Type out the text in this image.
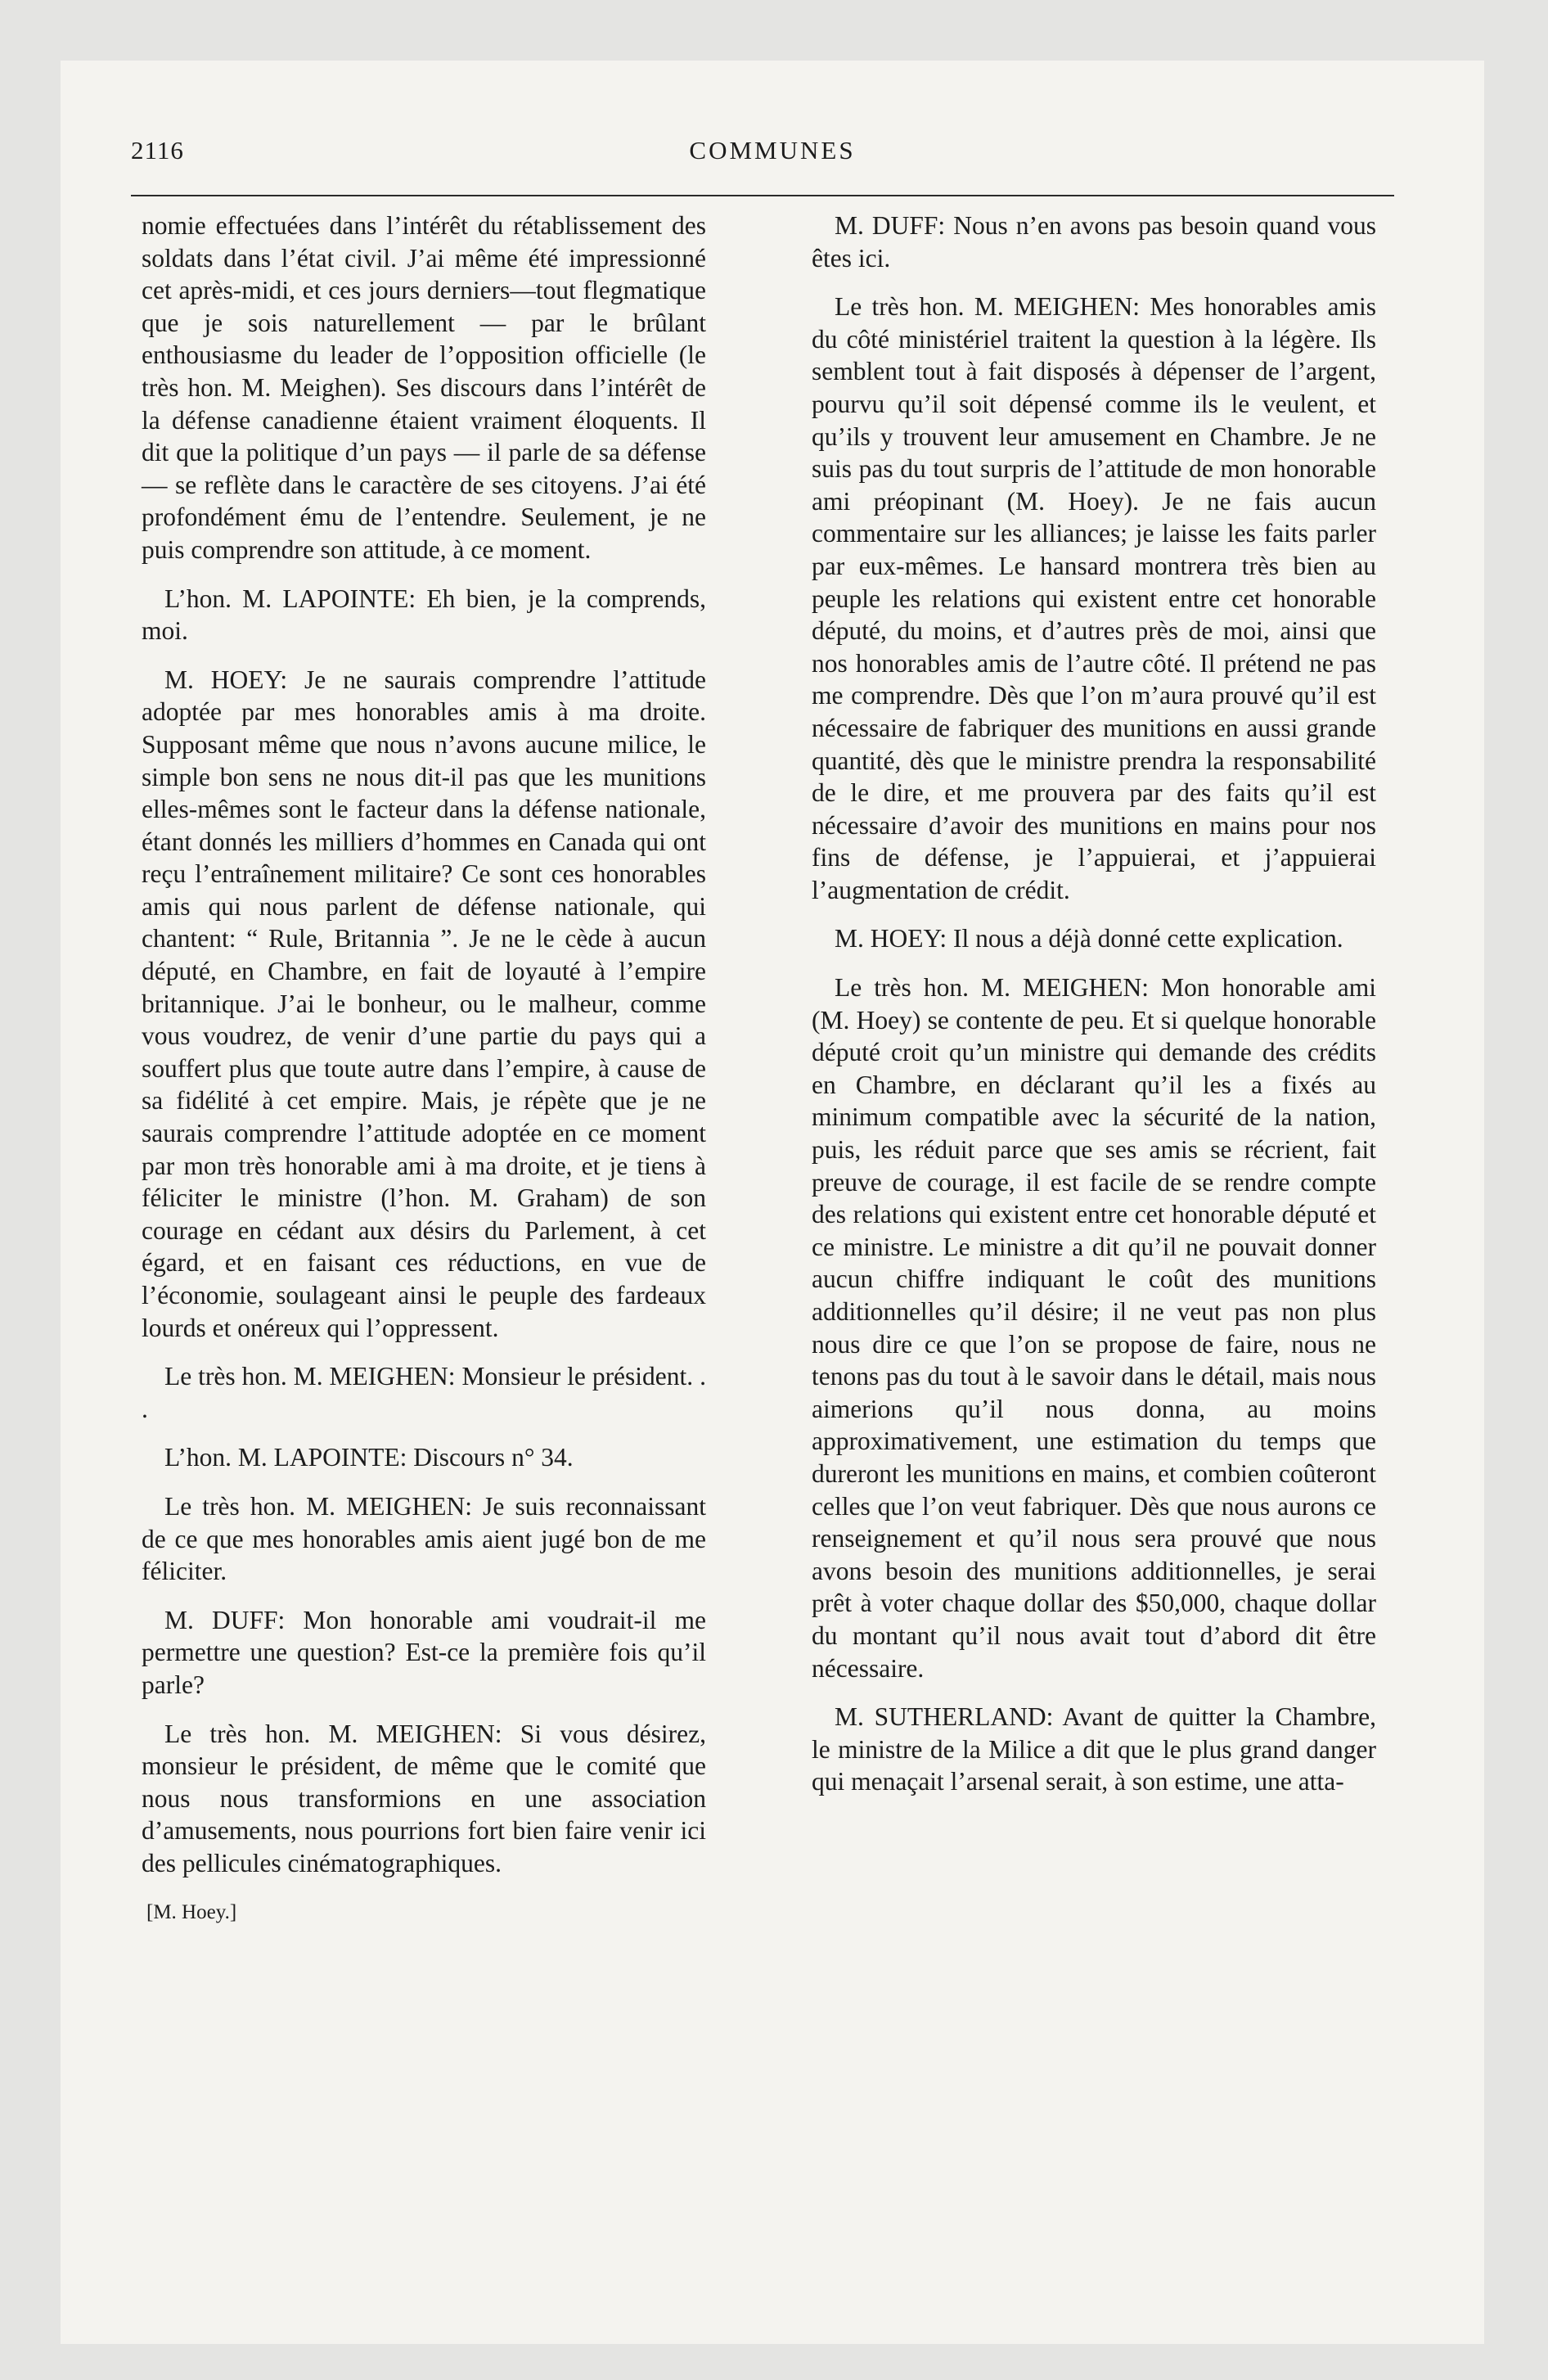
2116	COMMUNES

nomie effectuées dans l’intérêt du rétablissement des soldats dans l’état civil. J’ai même été impressionné cet après-midi, et ces jours derniers—tout flegmatique que je sois naturellement — par le brûlant enthousiasme du leader de l’opposition officielle (le très hon. M. Meighen). Ses discours dans l’intérêt de la défense canadienne étaient vraiment éloquents. Il dit que la politique d’un pays — il parle de sa défense — se reflète dans le caractère de ses citoyens. J’ai été profondément ému de l’entendre. Seulement, je ne puis comprendre son attitude, à ce moment.

L’hon. M. LAPOINTE: Eh bien, je la comprends, moi.

M. HOEY: Je ne saurais comprendre l’attitude adoptée par mes honorables amis à ma droite. Supposant même que nous n’avons aucune milice, le simple bon sens ne nous dit-il pas que les munitions elles-mêmes sont le facteur dans la défense nationale, étant donnés les milliers d’hommes en Canada qui ont reçu l’entraînement militaire? Ce sont ces honorables amis qui nous parlent de défense nationale, qui chantent: “ Rule, Britannia ”. Je ne le cède à aucun député, en Chambre, en fait de loyauté à l’empire britannique. J’ai le bonheur, ou le malheur, comme vous voudrez, de venir d’une partie du pays qui a souffert plus que toute autre dans l’empire, à cause de sa fidélité à cet empire. Mais, je répète que je ne saurais comprendre l’attitude adoptée en ce moment par mon très honorable ami à ma droite, et je tiens à féliciter le ministre (l’hon. M. Graham) de son courage en cédant aux désirs du Parlement, à cet égard, et en faisant ces réductions, en vue de l’économie, soulageant ainsi le peuple des fardeaux lourds et onéreux qui l’oppressent.

Le très hon. M. MEIGHEN: Monsieur le président. . .

L’hon. M. LAPOINTE: Discours n° 34.

Le très hon. M. MEIGHEN: Je suis reconnaissant de ce que mes honorables amis aient jugé bon de me féliciter.

M. DUFF: Mon honorable ami voudrait-il me permettre une question? Est-ce la première fois qu’il parle?

Le très hon. M. MEIGHEN: Si vous désirez, monsieur le président, de même que le comité que nous nous transformions en une association d’amusements, nous pourrions fort bien faire venir ici des pellicules cinématographiques.

[M. Hoey.]

M. DUFF: Nous n’en avons pas besoin quand vous êtes ici.

Le très hon. M. MEIGHEN: Mes honorables amis du côté ministériel traitent la question à la légère. Ils semblent tout à fait disposés à dépenser de l’argent, pourvu qu’il soit dépensé comme ils le veulent, et qu’ils y trouvent leur amusement en Chambre. Je ne suis pas du tout surpris de l’attitude de mon honorable ami préopinant (M. Hoey). Je ne fais aucun commentaire sur les alliances; je laisse les faits parler par eux-mêmes. Le hansard montrera très bien au peuple les relations qui existent entre cet honorable député, du moins, et d’autres près de moi, ainsi que nos honorables amis de l’autre côté. Il prétend ne pas me comprendre. Dès que l’on m’aura prouvé qu’il est nécessaire de fabriquer des munitions en aussi grande quantité, dès que le ministre prendra la responsabilité de le dire, et me prouvera par des faits qu’il est nécessaire d’avoir des munitions en mains pour nos fins de défense, je l’appuierai, et j’appuierai l’augmentation de crédit.

M. HOEY: Il nous a déjà donné cette explication.

Le très hon. M. MEIGHEN: Mon honorable ami (M. Hoey) se contente de peu. Et si quelque honorable député croit qu’un ministre qui demande des crédits en Chambre, en déclarant qu’il les a fixés au minimum compatible avec la sécurité de la nation, puis, les réduit parce que ses amis se récrient, fait preuve de courage, il est facile de se rendre compte des relations qui existent entre cet honorable député et ce ministre. Le ministre a dit qu’il ne pouvait donner aucun chiffre indiquant le coût des munitions additionnelles qu’il désire; il ne veut pas non plus nous dire ce que l’on se propose de faire, nous ne tenons pas du tout à le savoir dans le détail, mais nous aimerions qu’il nous donna, au moins approximativement, une estimation du temps que dureront les munitions en mains, et combien coûteront celles que l’on veut fabriquer. Dès que nous aurons ce renseignement et qu’il nous sera prouvé que nous avons besoin des munitions additionnelles, je serai prêt à voter chaque dollar des $50,000, chaque dollar du montant qu’il nous avait tout d’abord dit être nécessaire.

M. SUTHERLAND: Avant de quitter la Chambre, le ministre de la Milice a dit que le plus grand danger qui menaçait l’arsenal serait, à son estime, une atta-
